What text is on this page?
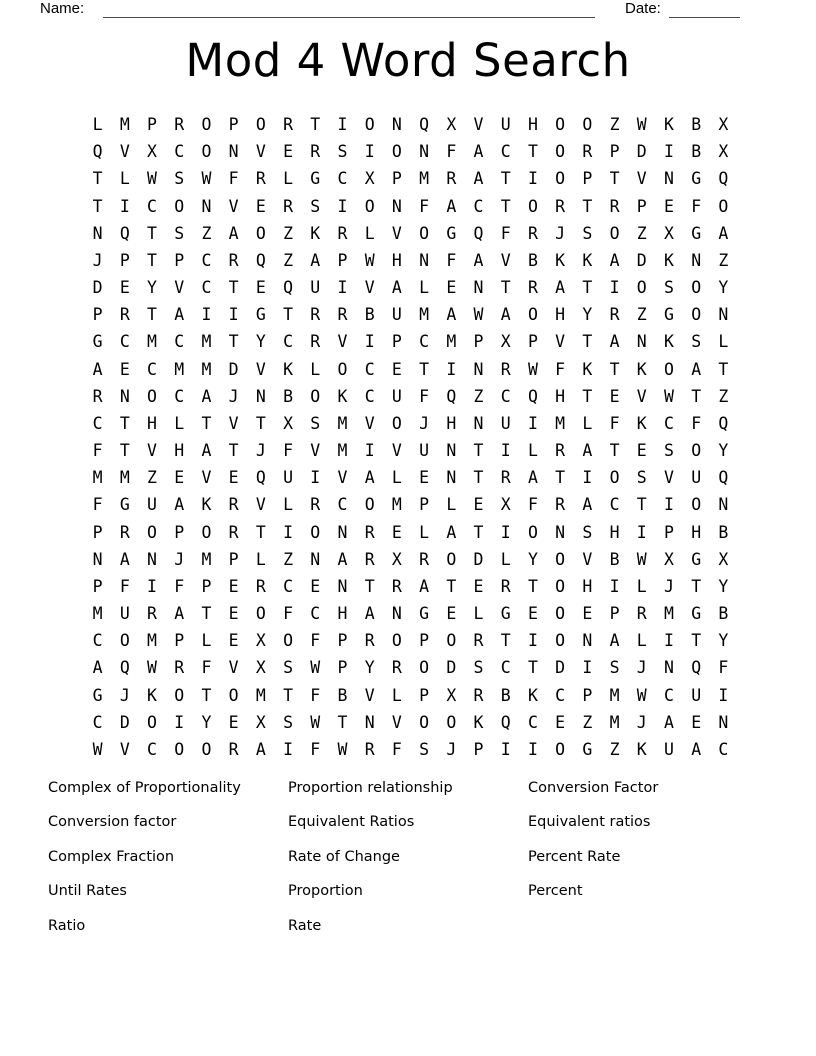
Name:	Date:
Mod 4 Word Search
L	M	P	R	O	P	O	R	T	I	O	N	Q	X	V	U	H	O	O	Z	W	K	B	X
Q	V	X	C	O	N	V	E	R	S	I	O	N	F	A	C	T	O	R	P	D	I	B	X
T	L	W	S	W	F	R	L	G	C	X	P	M	R	A	T	I	O	P	T	V	N	G	Q
T	I	C	O	N	V	E	R	S	I	O	N	F	A	C	T	O	R	T	R	P	E	F	O
N	Q	T	S	Z	A	O	Z	K	R	L	V	O	G	Q	F	R	J	S	O	Z	X	G	A
J	P	T	P	C	R	Q	Z	A	P	W	H	N	F	A	V	B	K	K	A	D	K	N	Z
D	E	Y	V	C	T	E	Q	U	I	V	A	L	E	N	T	R	A	T	I	O	S	O	Y
P	R	T	A	I	I	G	T	R	R	B	U	M	A	W	A	O	H	Y	R	Z	G	O	N
G	C	M	C	M	T	Y	C	R	V	I	P	C	M	P	X	P	V	T	A	N	K	S	L
A	E	C	M	M	D	V	K	L	O	C	E	T	I	N	R	W	F	K	T	K	O	A	T
R	N	O	C	A	J	N	B	O	K	C	U	F	Q	Z	C	Q	H	T	E	V	W	T	Z
C	T	H	L	T	V	T	X	S	M	V	O	J	H	N	U	I	M	L	F	K	C	F	Q
F	T	V	H	A	T	J	F	V	M	I	V	U	N	T	I	L	R	A	T	E	S	O	Y
M	M	Z	E	V	E	Q	U	I	V	A	L	E	N	T	R	A	T	I	O	S	V	U	Q
F	G	U	A	K	R	V	L	R	C	O	M	P	L	E	X	F	R	A	C	T	I	O	N
P	R	O	P	O	R	T	I	O	N	R	E	L	A	T	I	O	N	S	H	I	P	H	B
N	A	N	J	M	P	L	Z	N	A	R	X	R	O	D	L	Y	O	V	B	W	X	G	X
P	F	I	F	P	E	R	C	E	N	T	R	A	T	E	R	T	O	H	I	L	J	T	Y
M	U	R	A	T	E	O	F	C	H	A	N	G	E	L	G	E	O	E	P	R	M	G	B
C	O	M	P	L	E	X	O	F	P	R	O	P	O	R	T	I	O	N	A	L	I	T	Y
A	Q	W	R	F	V	X	S	W	P	Y	R	O	D	S	C	T	D	I	S	J	N	Q	F
G	J	K	O	T	O	M	T	F	B	V	L	P	X	R	B	K	C	P	M	W	C	U	I
C	D	O	I	Y	E	X	S	W	T	N	V	O	O	K	Q	C	E	Z	M	J	A	E	N
W	V	C	O	O	R	A	I	F	W	R	F	S	J	P	I	I	O	G	Z	K	U	A	C
Complex of Proportionality
Conversion factor
Complex Fraction
Until Rates
Ratio
Proportion relationship
Equivalent Ratios
Rate of Change
Proportion
Rate
Conversion Factor
Equivalent ratios
Percent Rate
Percent
